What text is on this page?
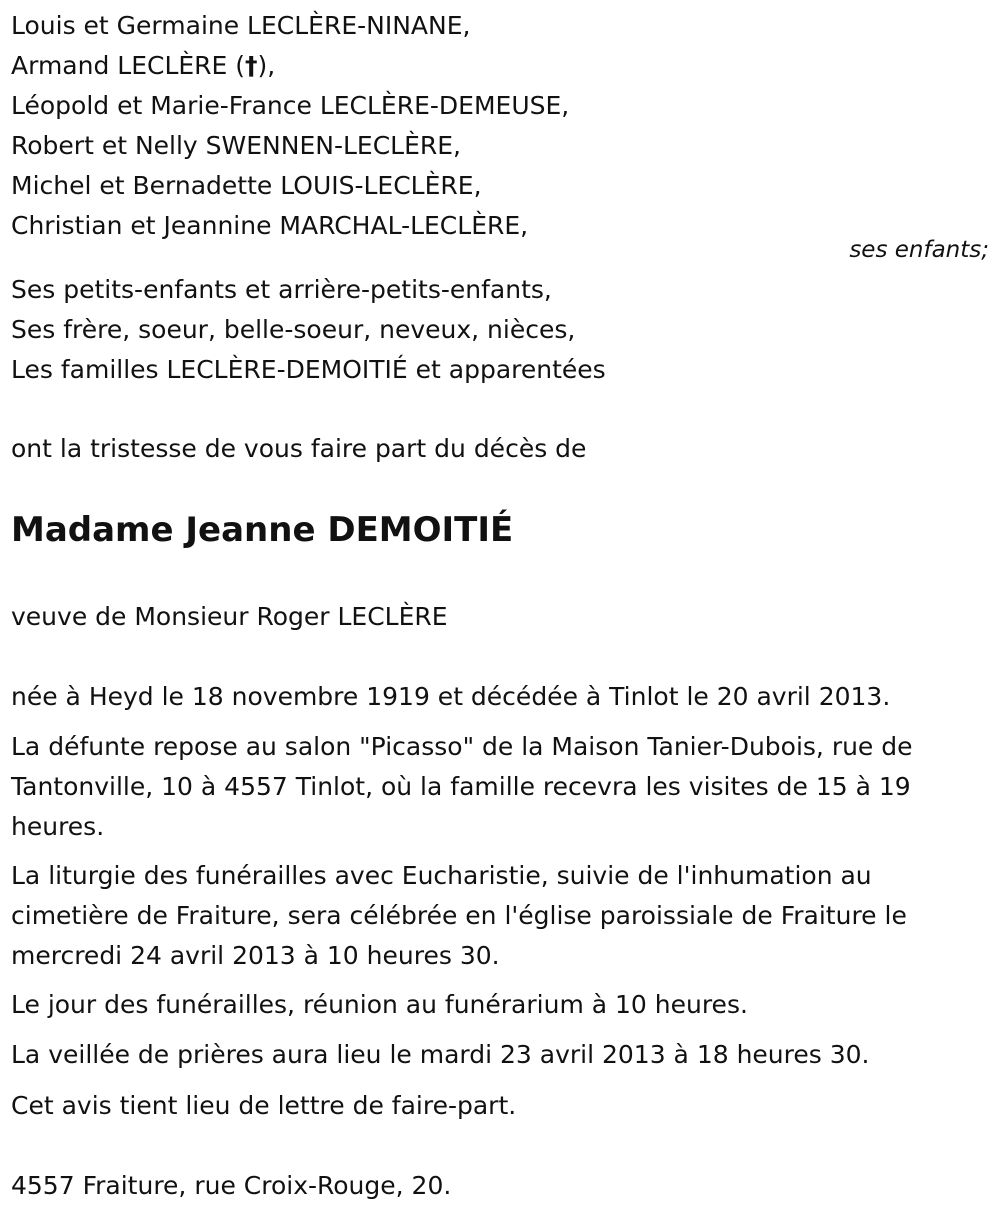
Louis et Germaine LECLÈRE-NINANE,
Armand LECLÈRE (†),
Léopold et Marie-France LECLÈRE-DEMEUSE,
Robert et Nelly SWENNEN-LECLÈRE,
Michel et Bernadette LOUIS-LECLÈRE,
Christian et Jeannine MARCHAL-LECLÈRE,
ses enfants;
Ses petits-enfants et arrière-petits-enfants,
Ses frère, soeur, belle-soeur, neveux, nièces,
Les familles LECLÈRE-DEMOITIÉ et apparentées
ont la tristesse de vous faire part du décès de
Madame Jeanne DEMOITIÉ
veuve de Monsieur Roger LECLÈRE
née à Heyd le 18 novembre 1919 et décédée à Tinlot le 20 avril 2013.
La défunte repose au salon "Picasso" de la Maison Tanier-Dubois, rue de Tantonville, 10 à 4557 Tinlot, où la famille recevra les visites de 15 à 19 heures.
La liturgie des funérailles avec Eucharistie, suivie de l'inhumation au cimetière de Fraiture, sera célébrée en l'église paroissiale de Fraiture le mercredi 24 avril 2013 à 10 heures 30.
Le jour des funérailles, réunion au funérarium à 10 heures.
La veillée de prières aura lieu le mardi 23 avril 2013 à 18 heures 30.
Cet avis tient lieu de lettre de faire-part.
4557 Fraiture, rue Croix-Rouge, 20.
